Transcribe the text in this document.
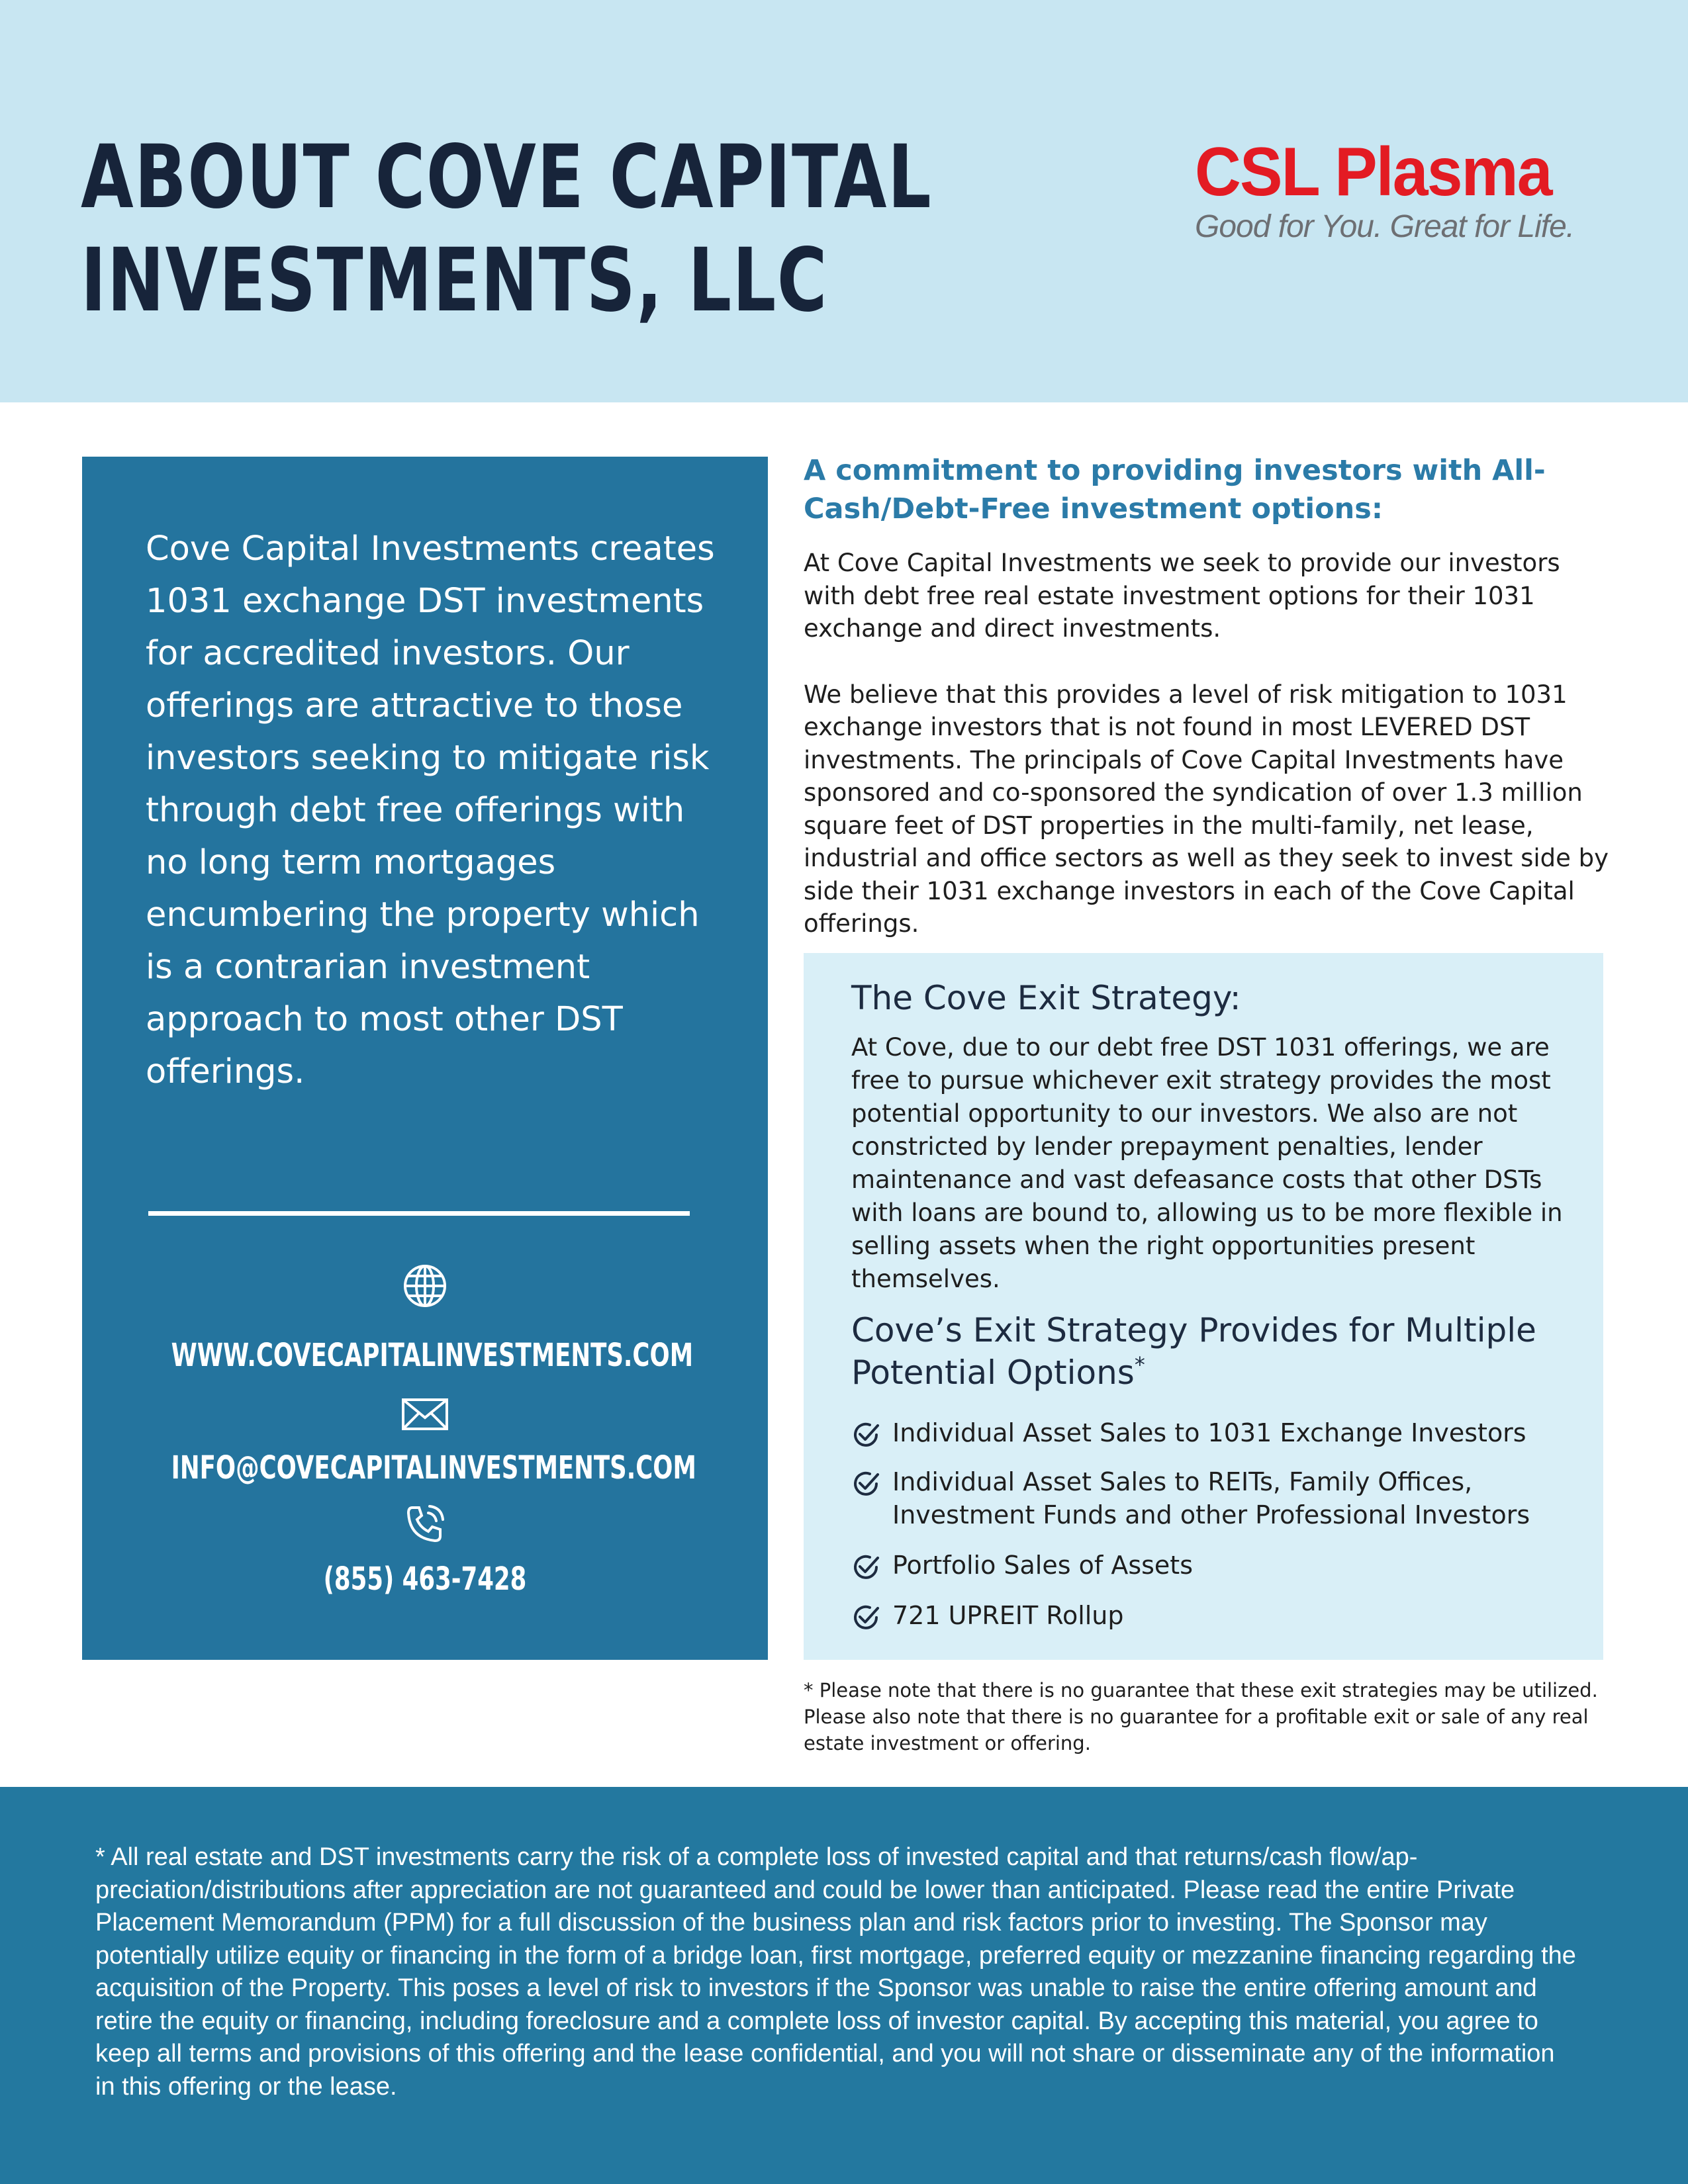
ABOUT COVE CAPITAL
INVESTMENTS, LLC
CSL Plasma
Good for You. Great for Life.

Cove Capital Investments creates 1031 exchange DST investments for accredited investors. Our offerings are attractive to those investors seeking to mitigate risk through debt free offerings with no long term mortgages encumbering the property which is a contrarian investment approach to most other DST offerings.

WWW.COVECAPITALINVESTMENTS.COM
INFO@COVECAPITALINVESTMENTS.COM
(855) 463-7428
A commitment to providing investors with All-Cash/Debt-Free investment options:

At Cove Capital Investments we seek to provide our investors with debt free real estate investment options for their 1031 exchange and direct investments.

We believe that this provides a level of risk mitigation to 1031 exchange investors that is not found in most LEVERED DST investments. The principals of Cove Capital Investments have sponsored and co-sponsored the syndication of over 1.3 million square feet of DST properties in the multi-family, net lease, industrial and office sectors as well as they seek to invest side by side their 1031 exchange investors in each of the Cove Capital offerings.

The Cove Exit Strategy:

At Cove, due to our debt free DST 1031 offerings, we are free to pursue whichever exit strategy provides the most potential opportunity to our investors. We also are not constricted by lender prepayment penalties, lender maintenance and vast defeasance costs that other DSTs with loans are bound to, allowing us to be more flexible in selling assets when the right opportunities present themselves.

Cove’s Exit Strategy Provides for Multiple Potential Options*
Individual Asset Sales to 1031 Exchange Investors
Individual Asset Sales to REITs, Family Offices, Investment Funds and other Professional Investors
Portfolio Sales of Assets
721 UPREIT Rollup

* Please note that there is no guarantee that these exit strategies may be utilized. Please also note that there is no guarantee for a profitable exit or sale of any real estate investment or offering.

* All real estate and DST investments carry the risk of a complete loss of invested capital and that returns/cash flow/appreciation/distributions after appreciation are not guaranteed and could be lower than anticipated. Please read the entire Private Placement Memorandum (PPM) for a full discussion of the business plan and risk factors prior to investing. The Sponsor may potentially utilize equity or financing in the form of a bridge loan, first mortgage, preferred equity or mezzanine financing regarding the acquisition of the Property. This poses a level of risk to investors if the Sponsor was unable to raise the entire offering amount and retire the equity or financing, including foreclosure and a complete loss of investor capital. By accepting this material, you agree to keep all terms and provisions of this offering and the lease confidential, and you will not share or disseminate any of the information in this offering or the lease.
